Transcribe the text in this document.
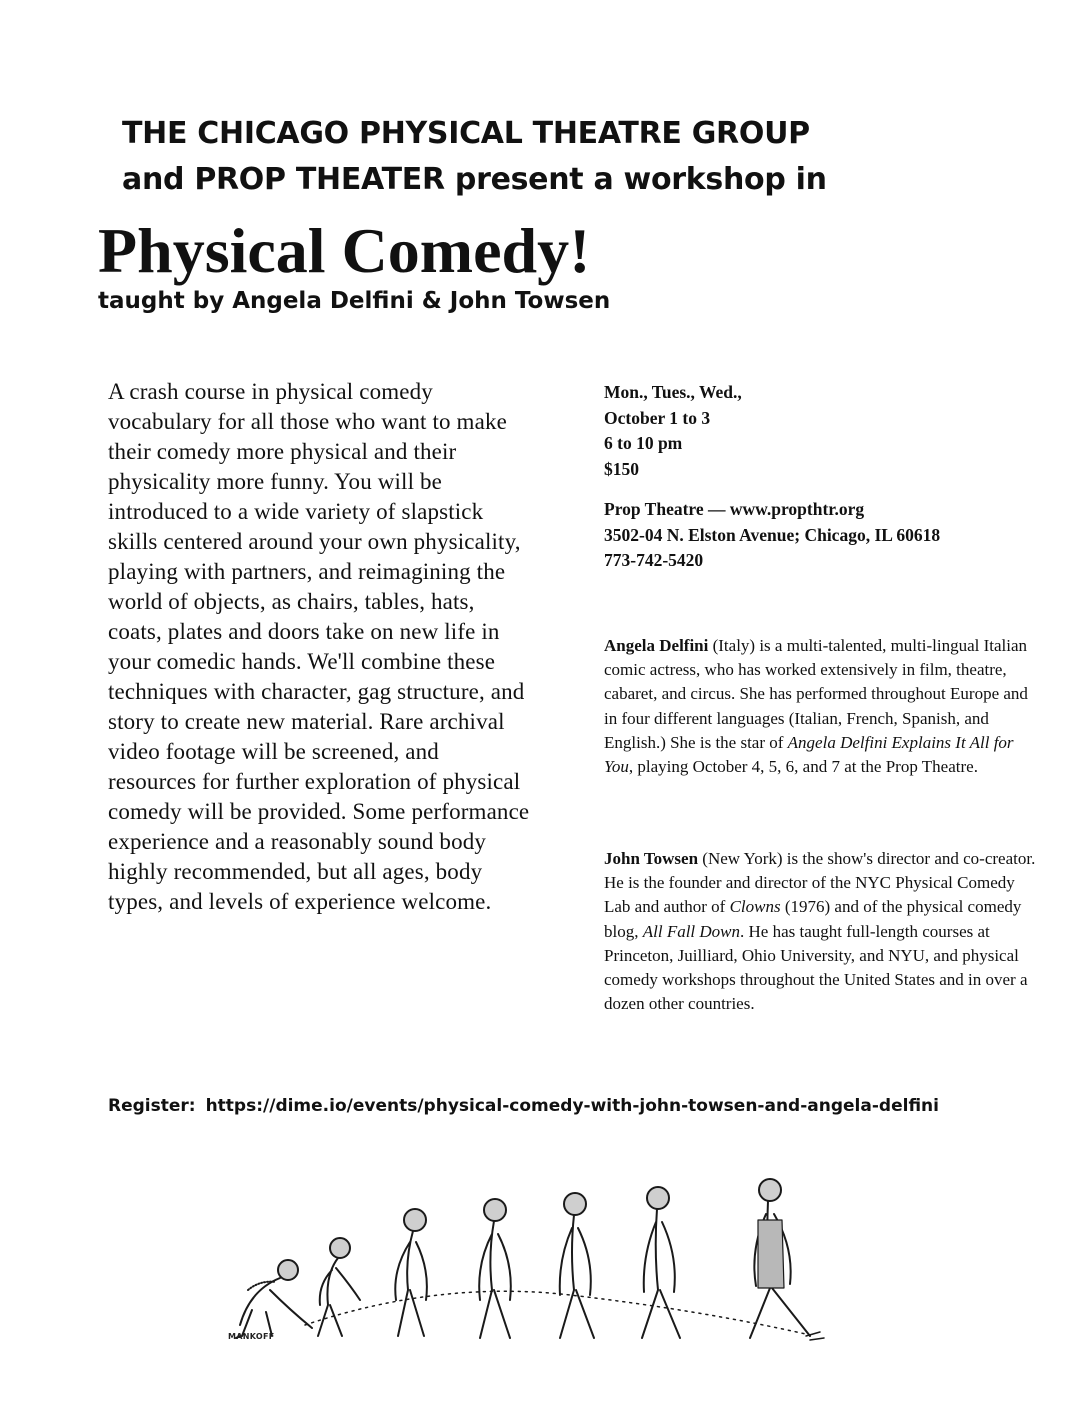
THE CHICAGO PHYSICAL THEATRE GROUP
and PROP THEATER present a workshop in
Physical Comedy!

taught by Angela Delfini & John Towsen

A crash course in physical comedy vocabulary for all those who want to make their comedy more physical and their physicality more funny. You will be introduced to a wide variety of slapstick skills centered around your own physicality, playing with partners, and reimagining the world of objects, as chairs, tables, hats, coats, plates and doors take on new life in your comedic hands. We'll combine these techniques with character, gag structure, and story to create new material. Rare archival video footage will be screened, and resources for further exploration of physical comedy will be provided. Some performance experience and a reasonably sound body highly recommended, but all ages, body types, and levels of experience welcome.

Mon., Tues., Wed.,
October 1 to 3
6 to 10 pm
$150
Prop Theatre — www.propthtr.org
3502-04 N. Elston Avenue; Chicago, IL 60618
773-742-5420

Angela Delfini (Italy) is a multi-talented, multi-lingual Italian comic actress, who has worked extensively in film, theatre, cabaret, and circus. She has performed throughout Europe and in four different languages (Italian, French, Spanish, and English.) She is the star of Angela Delfini Explains It All for You, playing October 4, 5, 6, and 7 at the Prop Theatre.

John Towsen (New York) is the show's director and co-creator. He is the founder and director of the NYC Physical Comedy Lab and author of Clowns (1976) and of the physical comedy blog, All Fall Down. He has taught full-length courses at Princeton, Juilliard, Ohio University, and NYU, and physical comedy workshops throughout the United States and in over a dozen other countries.

Register: https://dime.io/events/physical-comedy-with-john-towsen-and-angela-delfini

MANKOFF
